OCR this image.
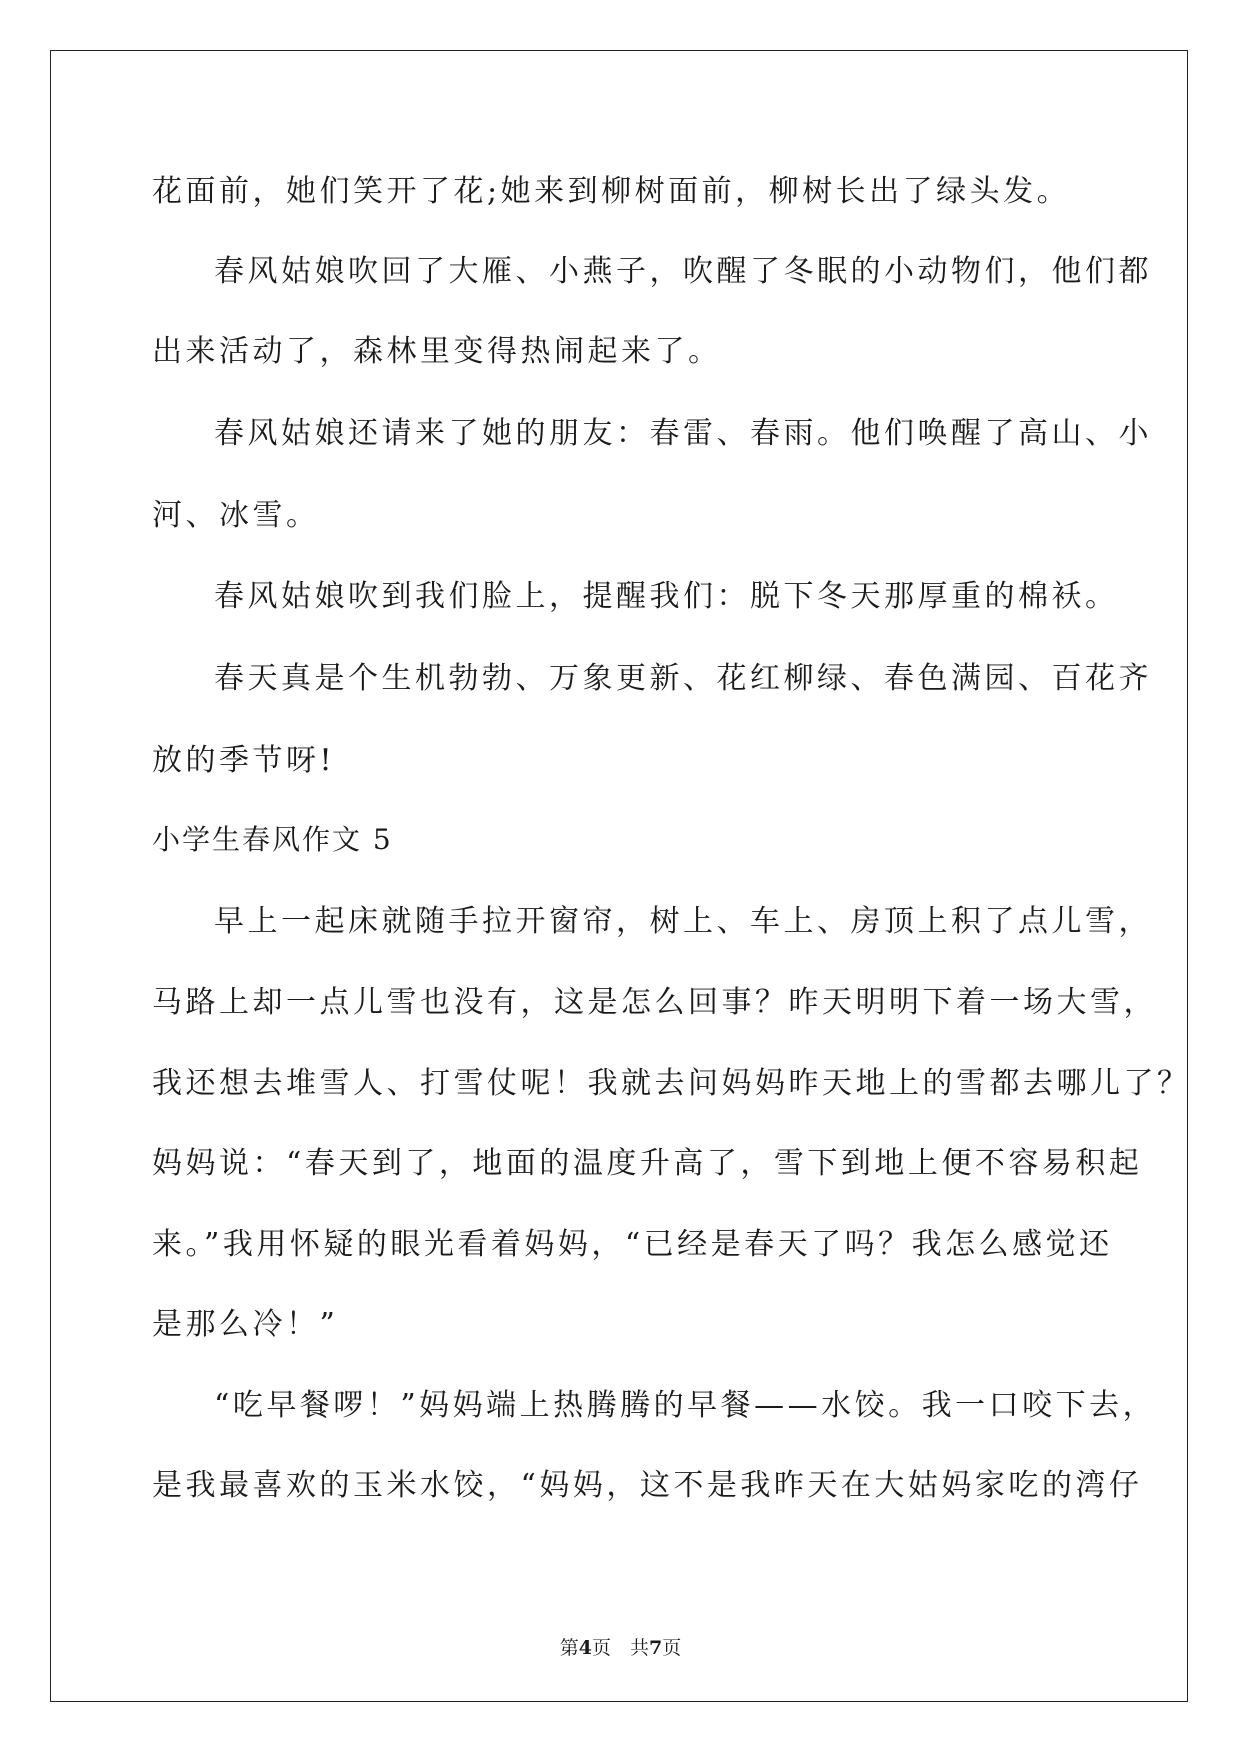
花面前，她们笑开了花;她来到柳树面前，柳树长出了绿头发。
春风姑娘吹回了大雁、小燕子，吹醒了冬眠的小动物们，他们都
出来活动了，森林里变得热闹起来了。
春风姑娘还请来了她的朋友：春雷、春雨。他们唤醒了高山、小
河、冰雪。
春风姑娘吹到我们脸上，提醒我们：脱下冬天那厚重的棉袄。
春天真是个生机勃勃、万象更新、花红柳绿、春色满园、百花齐
放的季节呀!
小学生春风作文 5
早上一起床就随手拉开窗帘，树上、车上、房顶上积了点儿雪，
马路上却一点儿雪也没有，这是怎么回事？昨天明明下着一场大雪，
我还想去堆雪人、打雪仗呢！我就去问妈妈昨天地上的雪都去哪儿了？
妈妈说：“春天到了，地面的温度升高了，雪下到地上便不容易积起
来。”我用怀疑的眼光看着妈妈，“已经是春天了吗？我怎么感觉还
是那么冷！”
“吃早餐啰！”妈妈端上热腾腾的早餐——水饺。我一口咬下去，
是我最喜欢的玉米水饺，“妈妈，这不是我昨天在大姑妈家吃的湾仔
第4页　共7页
